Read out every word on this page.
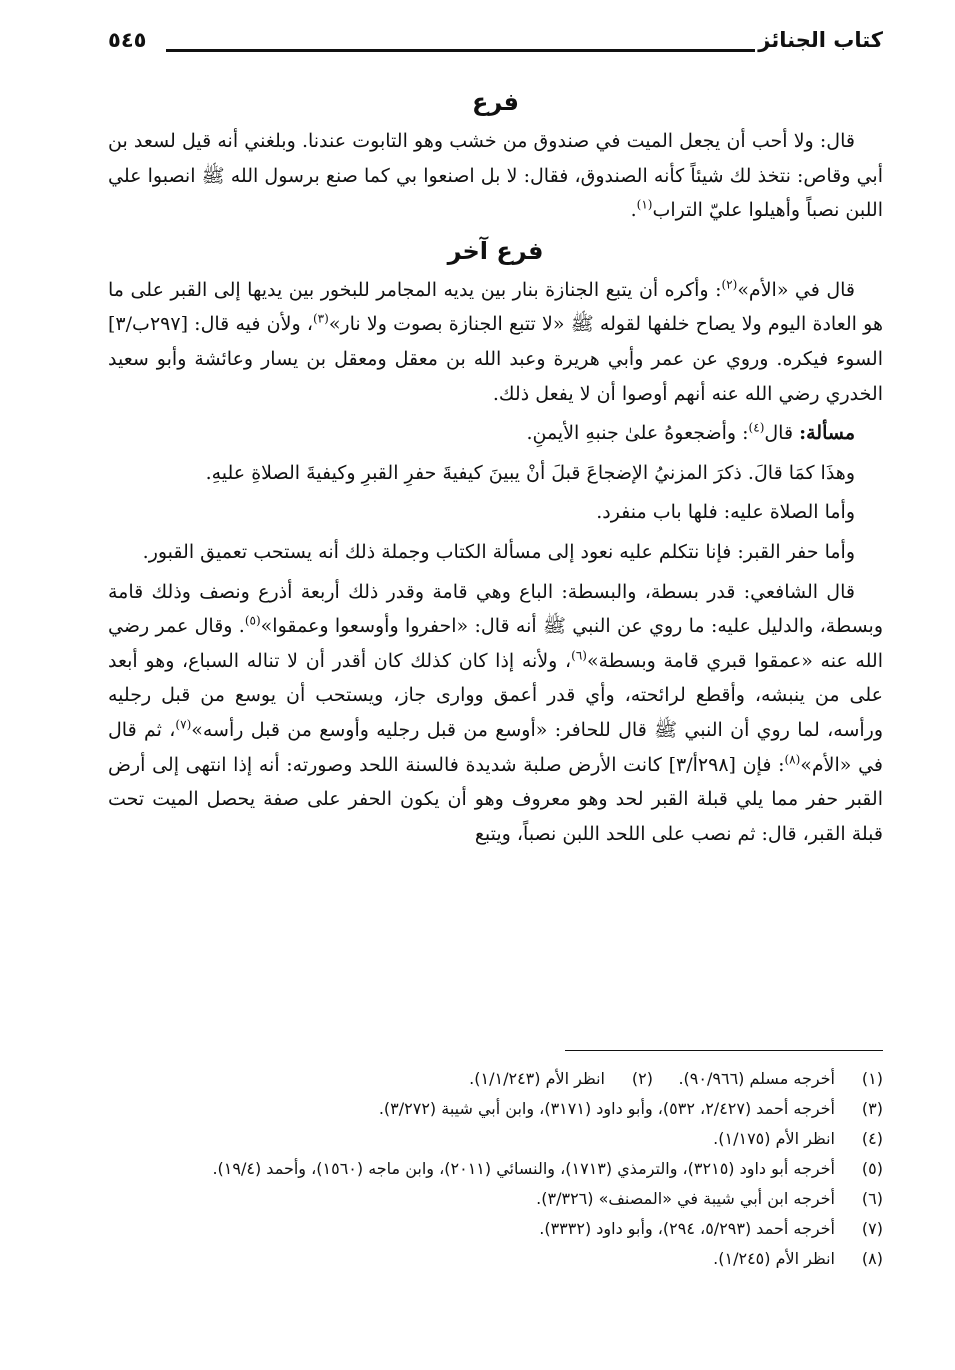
كتاب الجنائز
٥٤٥
فرع

قال: ولا أحب أن يجعل الميت في صندوق من خشب وهو التابوت عندنا. وبلغني أنه قيل لسعد بن أبي وقاص: نتخذ لك شيئاً كأنه الصندوق، فقال: لا بل اصنعوا بي كما صنع برسول الله ﷺ انصبوا علي اللبن نصباً وأهيلوا عليّ التراب$^{(١)}$.

فرع آخر

قال في «الأم»$^{(٢)}$: وأكره أن يتبع الجنازة بنار بين يديه المجامر للبخور بين يديها إلى القبر على ما هو العادة اليوم ولا يصاح خلفها لقوله ﷺ «لا تتبع الجنازة بصوت ولا نار»$^{(٣)}$، ولأن فيه قال: [٢٩٧ب/٣] السوء فيكره. وروي عن عمر وأبي هريرة وعبد الله بن معقل ومعقل بن يسار وعائشة وأبو سعيد الخدري رضي الله عنه أنهم أوصوا أن لا يفعل ذلك.

مسألة: قال$^{(٤)}$: وأضجعوهُ علىٰ جنبهِ الأيمنِ.

وهذَا كمَا قالَ. ذكرَ المزنيُ الإضجاعَ قبلَ أنْ يبينَ كيفيةَ حفرِ القبرِ وكيفيةَ الصلاةِ عليهِ.

وأما الصلاة عليه: فلها باب منفرد.

وأما حفر القبر: فإنا نتكلم عليه نعود إلى مسألة الكتاب وجملة ذلك أنه يستحب تعميق القبور.

قال الشافعي: قدر بسطة، والبسطة: الباع وهي قامة وقدر ذلك أربعة أذرع ونصف وذلك قامة وبسطة، والدليل عليه: ما روي عن النبي ﷺ أنه قال: «احفروا وأوسعوا وعمقوا»$^{(٥)}$. وقال عمر رضي الله عنه «عمقوا قبري قامة وبسطة»$^{(٦)}$، ولأنه إذا كان كذلك كان أقدر أن لا تناله السباع، وهو أبعد على من ينبشه، وأقطع لرائحته، وأي قدر أعمق ووارى جاز، ويستحب أن يوسع من قبل رجليه ورأسه، لما روي أن النبي ﷺ قال للحافر: «أوسع من قبل رجليه وأوسع من قبل رأسه»$^{(٧)}$، ثم قال في «الأم»$^{(٨)}$: فإن [٢٩٨أ/٣] كانت الأرض صلبة شديدة فالسنة اللحد وصورته: أنه إذا انتهى إلى أرض القبر حفر مما يلي قبلة القبر لحد وهو معروف وهو أن يكون الحفر على صفة يحصل الميت تحت قبلة القبر، قال: ثم نصب على اللحد اللبن نصباً، ويتبع

(١)
أخرجه مسلم (٩٠/٩٦٦).
(٢)
انظر الأم (١/١/٢٤٣).
(٣)
أخرجه أحمد (٢/٤٢٧، ٥٣٢)، وأبو داود (٣١٧١)، وابن أبي شيبة (٣/٢٧٢).
(٤)
انظر الأم (١/١٧٥).
(٥)
أخرجه أبو داود (٣٢١٥)، والترمذي (١٧١٣)، والنسائي (٢٠١١)، وابن ماجه (١٥٦٠)، وأحمد (١٩/٤).
(٦)
أخرجه ابن أبي شيبة في «المصنف» (٣/٣٢٦).
(٧)
أخرجه أحمد (٥/٢٩٣، ٢٩٤)، وأبو داود (٣٣٣٢).
(٨)
انظر الأم (١/٢٤٥).
